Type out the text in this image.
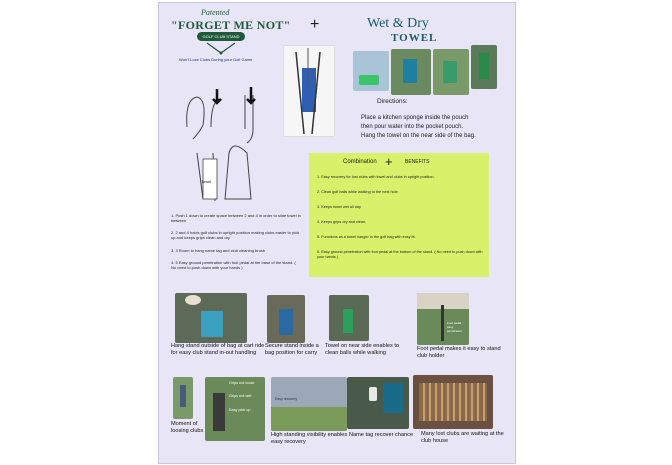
Patented
"FORGET ME NOT"
GOLF CLUB STAND
Won't Lose Clubs During your Golf Game
+	Wet & Dry
TOWEL
Directions:
Place a kitchen sponge inside the pouch
then pour water into the pocket pouch.
Hang the towel on the near side of the bag.
Towel
1. Push 1 down to create space between 2 and 4 in order to slide towel in between
2. 2 and 4 holds golf clubs in upright position making clubs easier to pick up and keeps grips clean and dry
3. 3 Room to hang name tag and club cleaning brush
4. 5 Easy ground penetration with foot pedal at the base of the stand. ( No need to push down with your hands )
Combination + BENEFITS
1. Easy recovery for lost clubs with towel and clubs in upright position.
2. Clean golf balls while walking to the next hole.
3. Keeps towel wet all day
4. Keeps grips dry and clean.
5. Functions as a towel hanger in the golf bag with easy fit.
6. Easy ground penetration with foot pedal at the bottom of the stand. ( No need to push down with your hands )
Hang stand outside of bag at cart ride for easy club stand in-out handling
Secure stand inside a bag position for carry
Towel on near side enables to clean balls while walking
Foot pedal easy penetration
Foot pedal makes it easy to stand club holder
Moment of loosing clubs
Grips not loose
Grips not wet
Easy pick up
Easy recovery
High standing visibility enables easy recovery
Name tag recover chance	Many lost clubs are waiting at the club house
